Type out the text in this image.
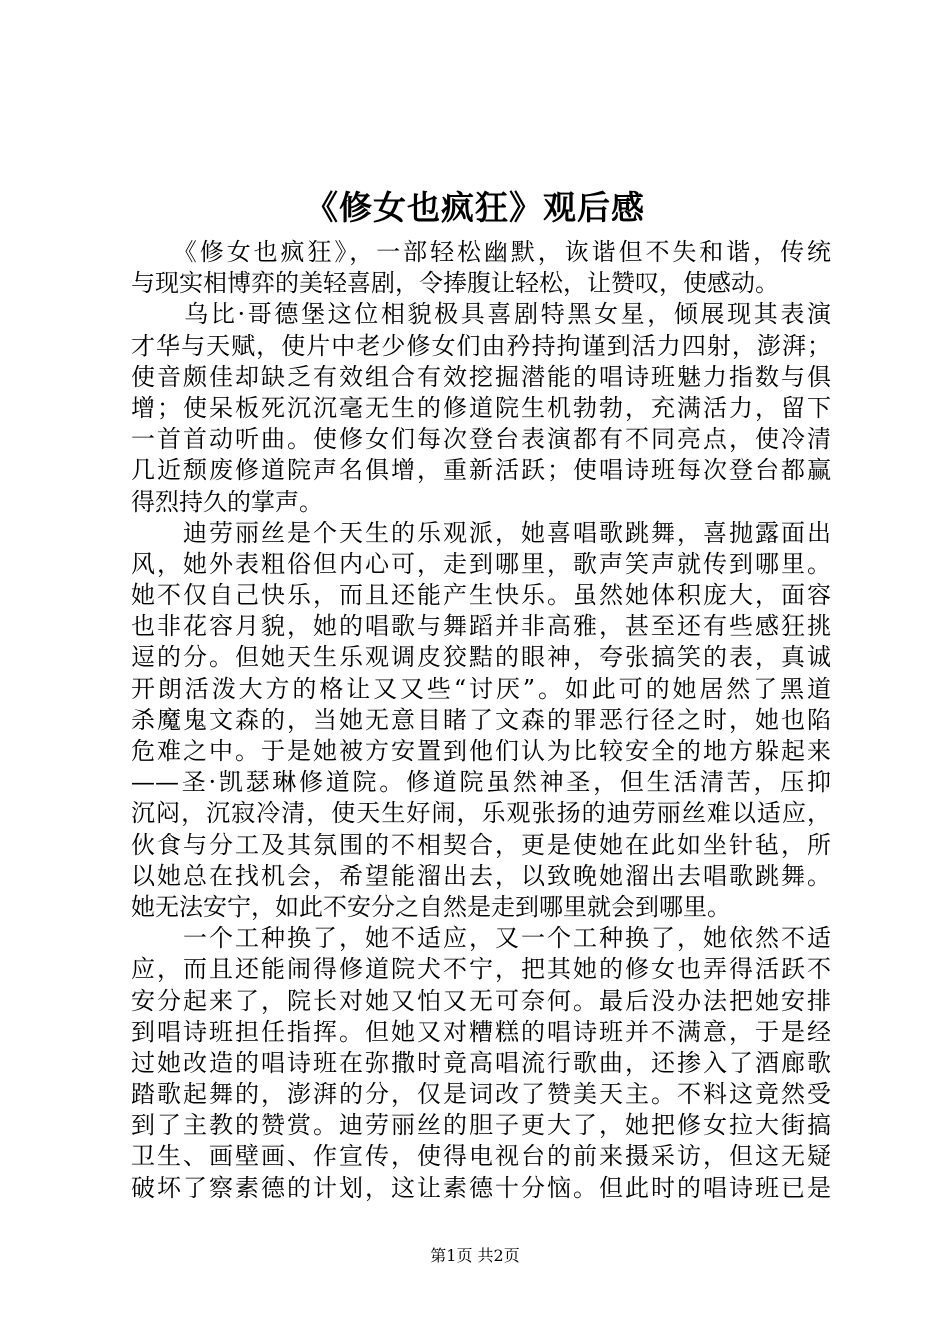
《修女也疯狂》观后感
　　《修女也疯狂》，一部轻松幽默，诙谐但不失和谐，传统
与现实相博弈的美轻喜剧，令捧腹让轻松，让赞叹，使感动。
　　乌比·哥德堡这位相貌极具喜剧特黑女星，倾展现其表演
才华与天赋，使片中老少修女们由矜持拘谨到活力四射，澎湃；
使音颇佳却缺乏有效组合有效挖掘潜能的唱诗班魅力指数与俱
增；使呆板死沉沉毫无生的修道院生机勃勃，充满活力，留下
一首首动听曲。使修女们每次登台表演都有不同亮点，使冷清
几近颓废修道院声名俱增，重新活跃；使唱诗班每次登台都赢
得烈持久的掌声。
　　迪劳丽丝是个天生的乐观派，她喜唱歌跳舞，喜抛露面出
风，她外表粗俗但内心可，走到哪里，歌声笑声就传到哪里。
她不仅自己快乐，而且还能产生快乐。虽然她体积庞大，面容
也非花容月貌，她的唱歌与舞蹈并非高雅，甚至还有些感狂挑
逗的分。但她天生乐观调皮狡黠的眼神，夸张搞笑的表，真诚
开朗活泼大方的格让又又些“讨厌”。如此可的她居然了黑道
杀魔鬼文森的，当她无意目睹了文森的罪恶行径之时，她也陷
危难之中。于是她被方安置到他们认为比较安全的地方躲起来
——圣·凯瑟琳修道院。修道院虽然神圣，但生活清苦，压抑
沉闷，沉寂冷清，使天生好闹，乐观张扬的迪劳丽丝难以适应，
伙食与分工及其氛围的不相契合，更是使她在此如坐针毡，所
以她总在找机会，希望能溜出去，以致晚她溜出去唱歌跳舞。
她无法安宁，如此不安分之自然是走到哪里就会到哪里。
　　一个工种换了，她不适应，又一个工种换了，她依然不适
应，而且还能闹得修道院犬不宁，把其她的修女也弄得活跃不
安分起来了，院长对她又怕又无可奈何。最后没办法把她安排
到唱诗班担任指挥。但她又对糟糕的唱诗班并不满意，于是经
过她改造的唱诗班在弥撒时竟高唱流行歌曲，还掺入了酒廊歌
踏歌起舞的，澎湃的分，仅是词改了赞美天主。不料这竟然受
到了主教的赞赏。迪劳丽丝的胆子更大了，她把修女拉大街搞
卫生、画壁画、作宣传，使得电视台的前来摄采访，但这无疑
破坏了察素德的计划，这让素德十分恼。但此时的唱诗班已是
第1页 共2页
